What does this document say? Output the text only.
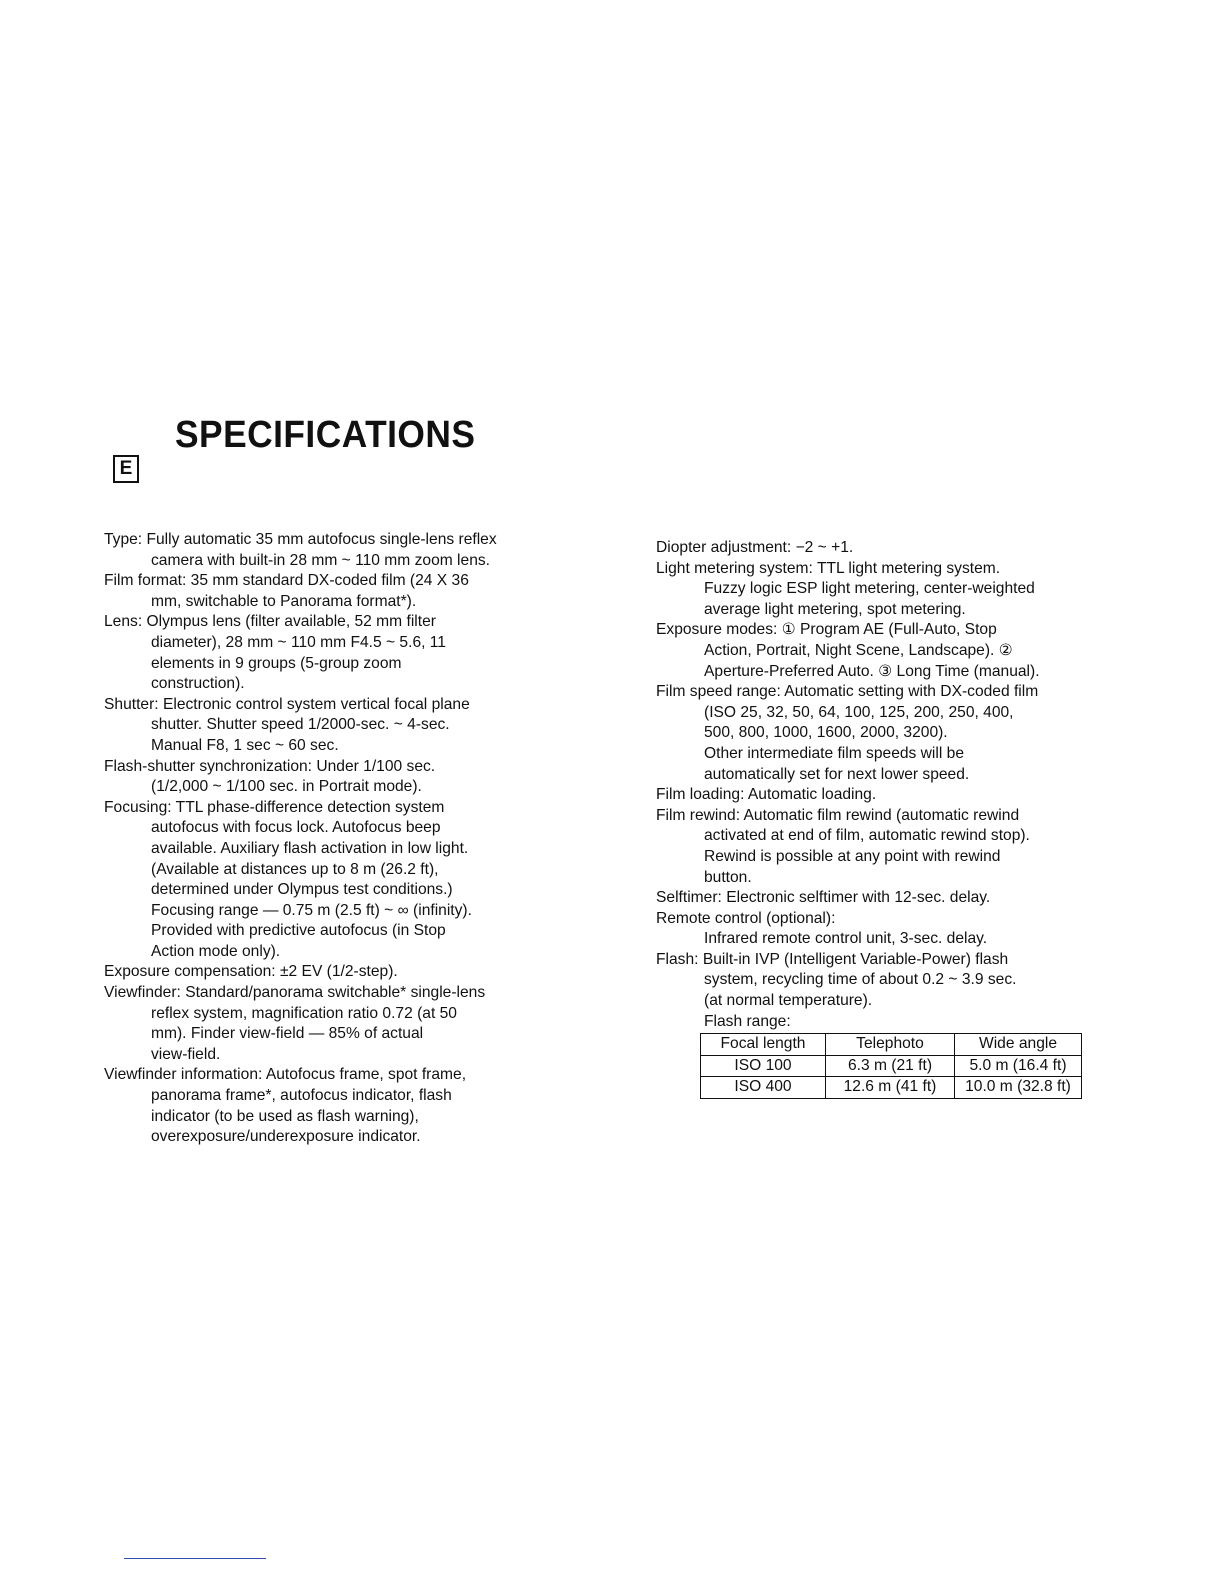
E
SPECIFICATIONS

Type: Fully automatic 35 mm autofocus single-lens reflex
camera with built-in 28 mm ~ 110 mm zoom lens.

Film format: 35 mm standard DX-coded film (24 X 36
mm, switchable to Panorama format*).

Lens: Olympus lens (filter available, 52 mm filter
diameter), 28 mm ~ 110 mm F4.5 ~ 5.6, 11
elements in 9 groups (5-group zoom
construction).

Shutter: Electronic control system vertical focal plane
shutter. Shutter speed 1/2000-sec. ~ 4-sec.
Manual F8, 1 sec ~ 60 sec.

Flash-shutter synchronization: Under 1/100 sec.
(1/2,000 ~ 1/100 sec. in Portrait mode).

Focusing: TTL phase-difference detection system
autofocus with focus lock. Autofocus beep
available. Auxiliary flash activation in low light.
(Available at distances up to 8 m (26.2 ft),
determined under Olympus test conditions.)
Focusing range — 0.75 m (2.5 ft) ~ ∞ (infinity).
Provided with predictive autofocus (in Stop
Action mode only).

Exposure compensation: ±2 EV (1/2-step).

Viewfinder: Standard/panorama switchable* single-lens
reflex system, magnification ratio 0.72 (at 50
mm). Finder view-field — 85% of actual
view-field.

Viewfinder information: Autofocus frame, spot frame,
panorama frame*, autofocus indicator, flash
indicator (to be used as flash warning),
overexposure/underexposure indicator.

Diopter adjustment: −2 ~ +1.

Light metering system: TTL light metering system.
Fuzzy logic ESP light metering, center-weighted
average light metering, spot metering.

Exposure modes: ① Program AE (Full-Auto, Stop
Action, Portrait, Night Scene, Landscape). ②
Aperture-Preferred Auto. ③ Long Time (manual).

Film speed range: Automatic setting with DX-coded film
(ISO 25, 32, 50, 64, 100, 125, 200, 250, 400,
500, 800, 1000, 1600, 2000, 3200).
Other intermediate film speeds will be
automatically set for next lower speed.

Film loading: Automatic loading.

Film rewind: Automatic film rewind (automatic rewind
activated at end of film, automatic rewind stop).
Rewind is possible at any point with rewind
button.

Selftimer: Electronic selftimer with 12-sec. delay.

Remote control (optional):
Infrared remote control unit, 3-sec. delay.

Flash: Built-in IVP (Intelligent Variable-Power) flash
system, recycling time of about 0.2 ~ 3.9 sec.
(at normal temperature).

Flash range:

Focal length	Telephoto	Wide angle
ISO 100	6.3 m (21 ft)	5.0 m (16.4 ft)
ISO 400	12.6 m (41 ft)	10.0 m (32.8 ft)
